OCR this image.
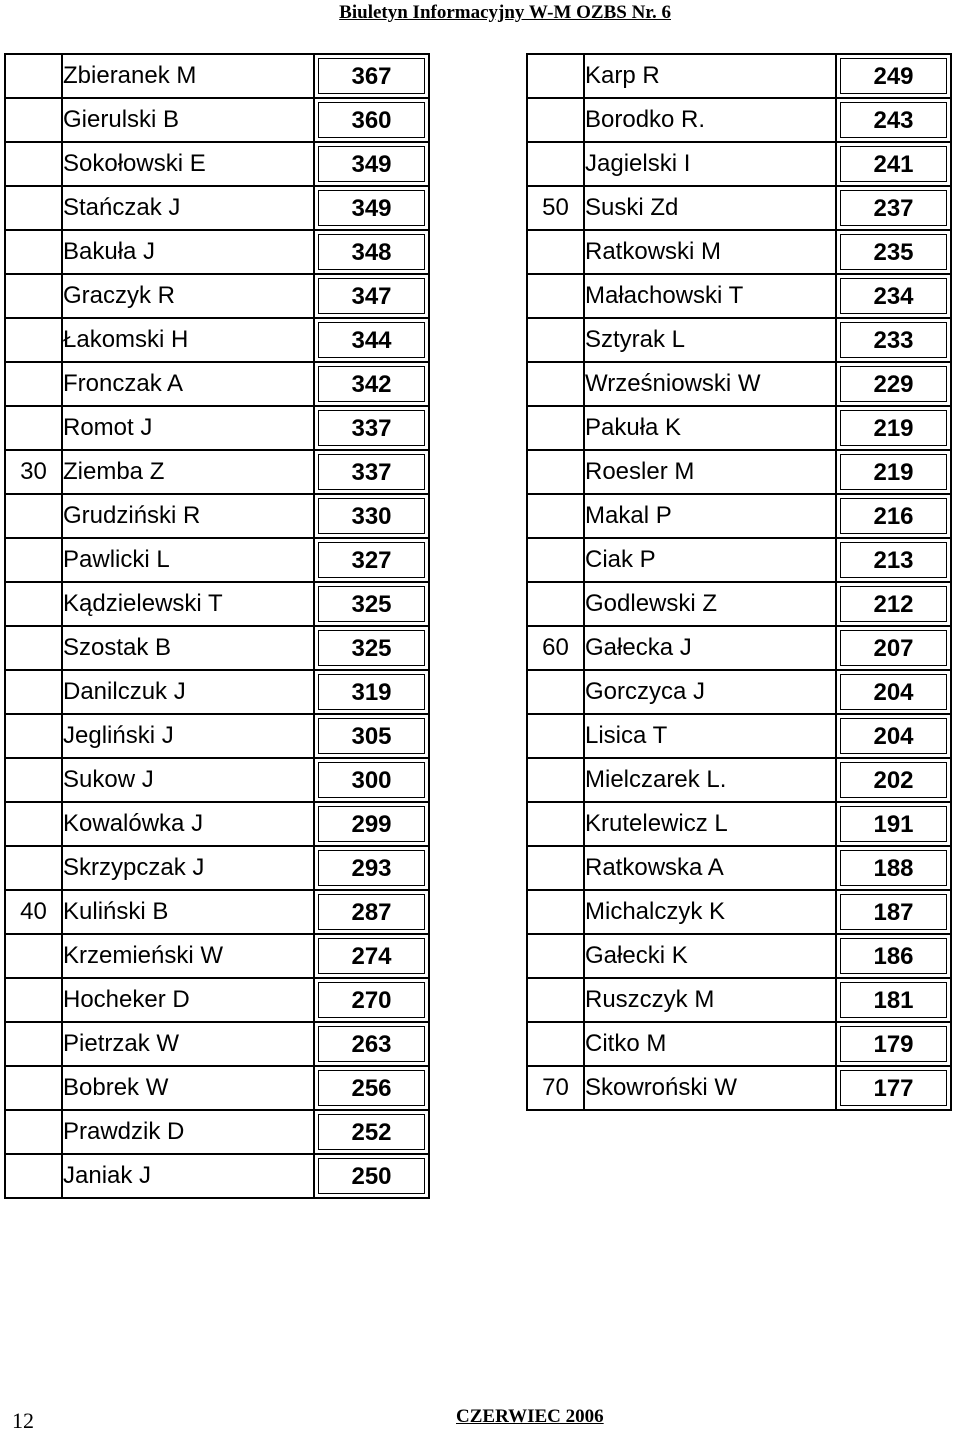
Biuletyn Informacyjny W-M OZBS Nr. 6
	Zbieranek M	367

	Gierulski B	360

	Sokołowski E	349

	Stańczak J	349

	Bakuła J	348

	Graczyk R	347

	Łakomski H	344

	Fronczak A	342

	Romot J	337

30	Ziemba Z	337

	Grudziński R	330

	Pawlicki L	327

	Kądzielewski T	325

	Szostak B	325

	Danilczuk J	319

	Jegliński J	305

	Sukow J	300

	Kowalówka J	299

	Skrzypczak J	293

40	Kuliński B	287

	Krzemieński W	274

	Hocheker D	270

	Pietrzak W	263

	Bobrek W	256

	Prawdzik D	252

	Janiak J	250
	Karp R	249

	Borodko R.	243

	Jagielski I	241

50	Suski Zd	237

	Ratkowski M	235

	Małachowski T	234

	Sztyrak L	233

	Wrześniowski W	229

	Pakuła K	219

	Roesler M	219

	Makal P	216

	Ciak P	213

	Godlewski Z	212

60	Gałecka J	207

	Gorczyca J	204

	Lisica T	204

	Mielczarek L.	202

	Krutelewicz L	191

	Ratkowska A	188

	Michalczyk K	187

	Gałecki K	186

	Ruszczyk M	181

	Citko M	179

70	Skowroński W	177
12	CZERWIEC 2006
